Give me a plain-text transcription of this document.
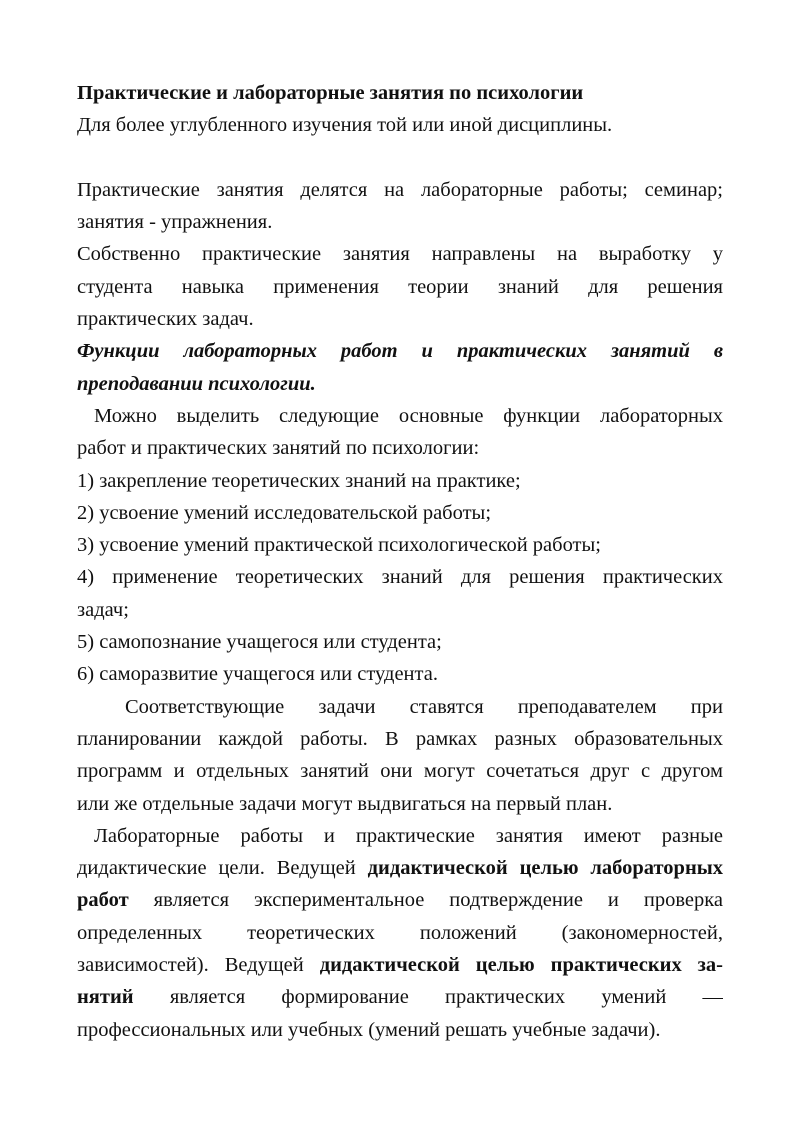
Практические и лабораторные занятия по психологии
Для более углубленного изучения той или иной дисциплины.
Практические занятия делятся на лабораторные работы; семинар;
занятия - упражнения.
Собственно практические занятия направлены на выработку у
студента навыка применения теории знаний для решения
практических задач.
Функции лабораторных работ и практических занятий в
преподавании психологии.
Можно выделить следующие основные функции лабораторных
работ и практических занятий по психологии:
1) закрепление теоретических знаний на практике;
2) усвоение умений исследовательской работы;
3) усвоение умений практической психологической работы;
4) применение теоретических знаний для решения практических
задач;
5) самопознание учащегося или студента;
6) саморазвитие учащегося или студента.
Соответствующие задачи ставятся преподавателем при
планировании каждой работы. В рамках разных образовательных
программ и отдельных занятий они могут сочетаться друг с другом
или же отдельные задачи могут выдвигаться на первый план.
Лабораторные работы и практические занятия имеют разные
дидактические цели. Ведущей дидактической целью лабораторных
работ является экспериментальное подтверждение и проверка
определенных теоретических положений (закономерностей,
зависимостей). Ведущей дидактической целью практических за-
нятий является формирование практических умений —
профессиональных или учебных (умений решать учебные задачи).
